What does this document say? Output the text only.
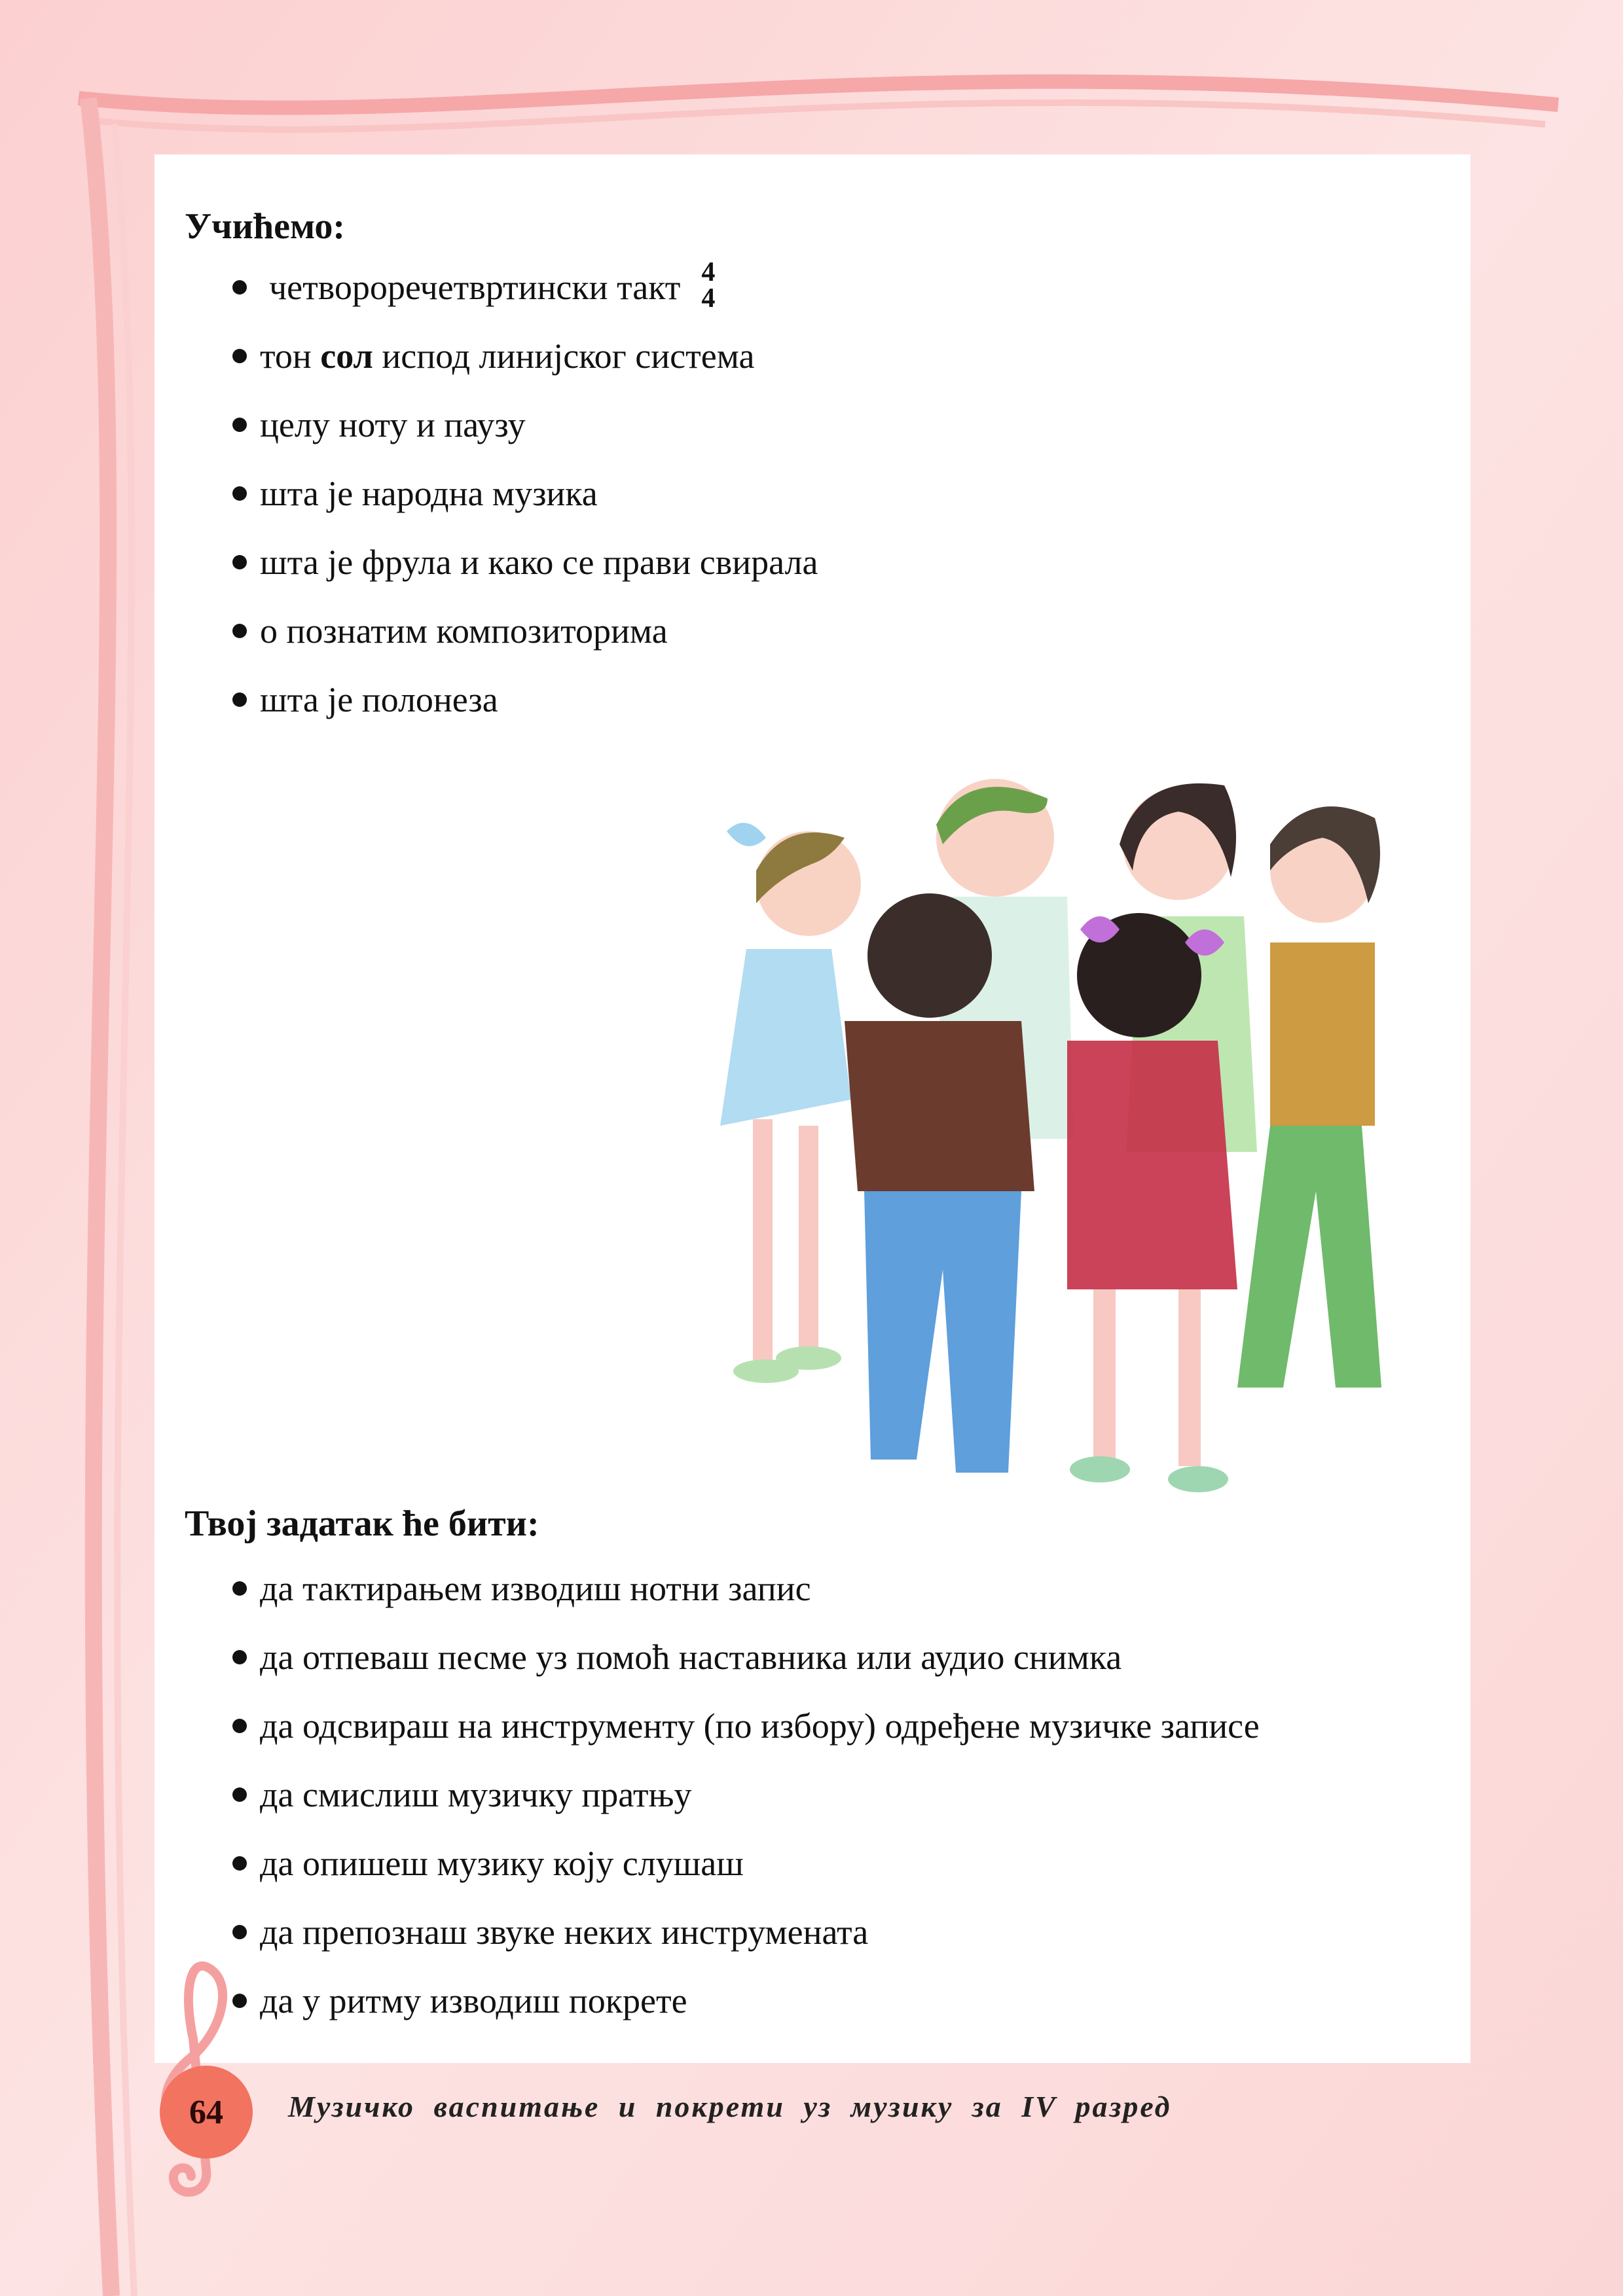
Учићемо:
четвороречетвртински такт 4
4
тон сол испод линијског система
целу ноту и паузу
шта је народна музика
шта је фрула и како се прави свирала
о познатим композиторима
шта је полонеза
Твој задатак ће бити:
да тактирањем изводиш нотни запис
да отпеваш песме уз помоћ наставника или аудио снимка
да одсвираш на инструменту (по избору) одређене музичке записе
да смислиш музичку пратњу
да опишеш музику коју слушаш
да препознаш звуке неких инструмената
да у ритму изводиш покрете
64 Музичко васпитање и покрети уз музику за IV разред
